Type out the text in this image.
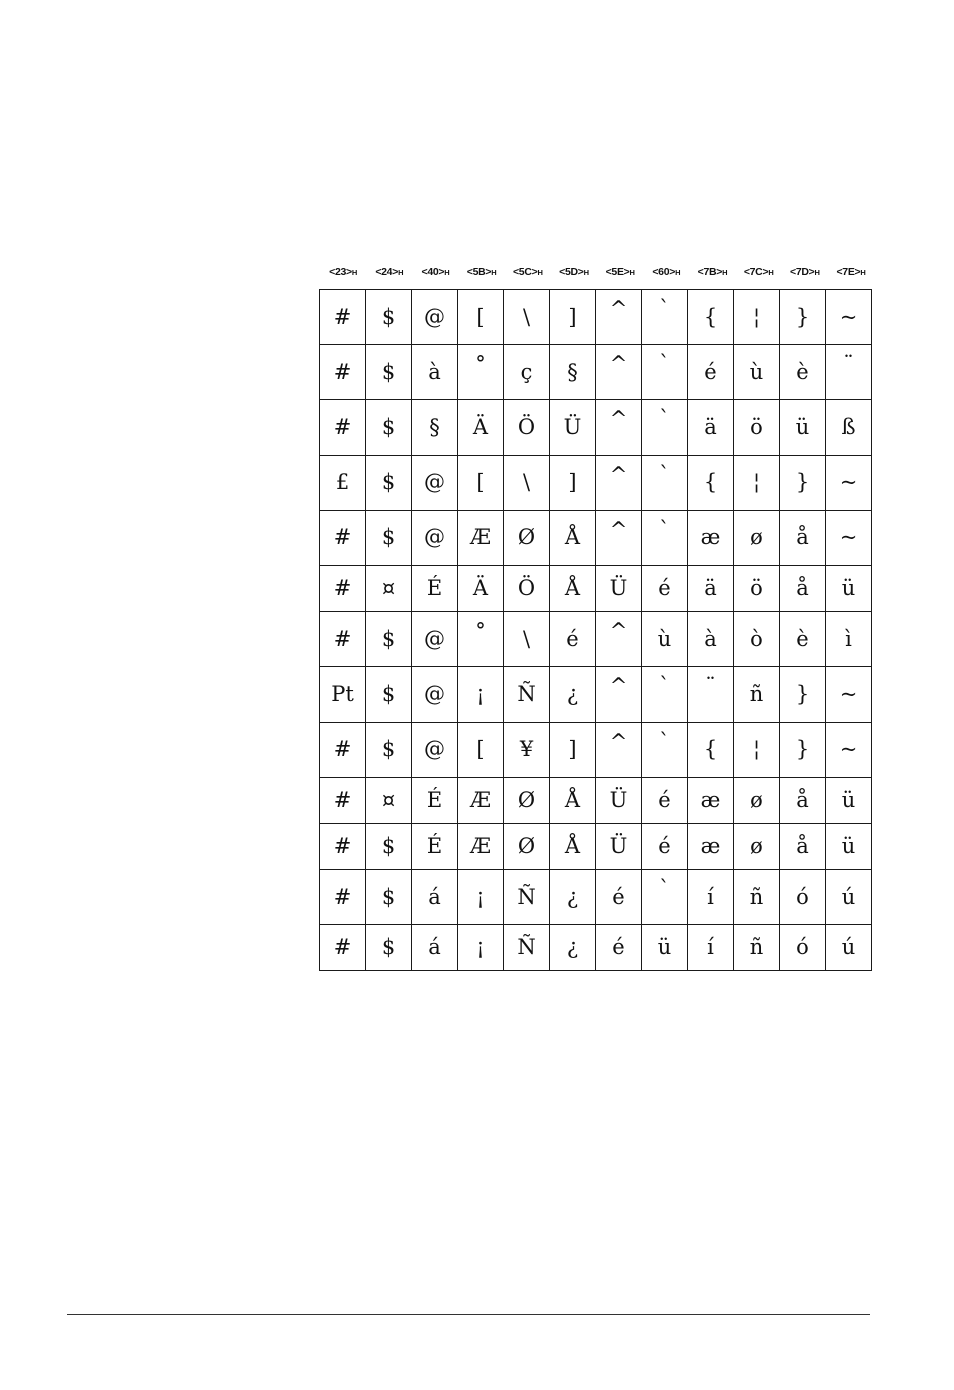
<23>H	<24>H	<40>H	<5B>H	<5C>H	<5D>H	<5E>H	<60>H	<7B>H	<7C>H	<7D>H	<7E>H
#	$	@	[	\	]	^	`	{	¦	}	~
#	$	à	°	ç	§	^	`	é	ù	è	¨
#	$	§	Ä	Ö	Ü	^	`	ä	ö	ü	ß
£	$	@	[	\	]	^	`	{	¦	}	~
#	$	@	Æ	Ø	Å	^	`	æ	ø	å	~
#	¤	É	Ä	Ö	Å	Ü	é	ä	ö	å	ü
#	$	@	°	\	é	^	ù	à	ò	è	ì
Pt	$	@	¡	Ñ	¿	^	`	¨	ñ	}	~
#	$	@	[	¥	]	^	`	{	¦	}	~
#	¤	É	Æ	Ø	Å	Ü	é	æ	ø	å	ü
#	$	É	Æ	Ø	Å	Ü	é	æ	ø	å	ü
#	$	á	¡	Ñ	¿	é	`	í	ñ	ó	ú
#	$	á	¡	Ñ	¿	é	ü	í	ñ	ó	ú
